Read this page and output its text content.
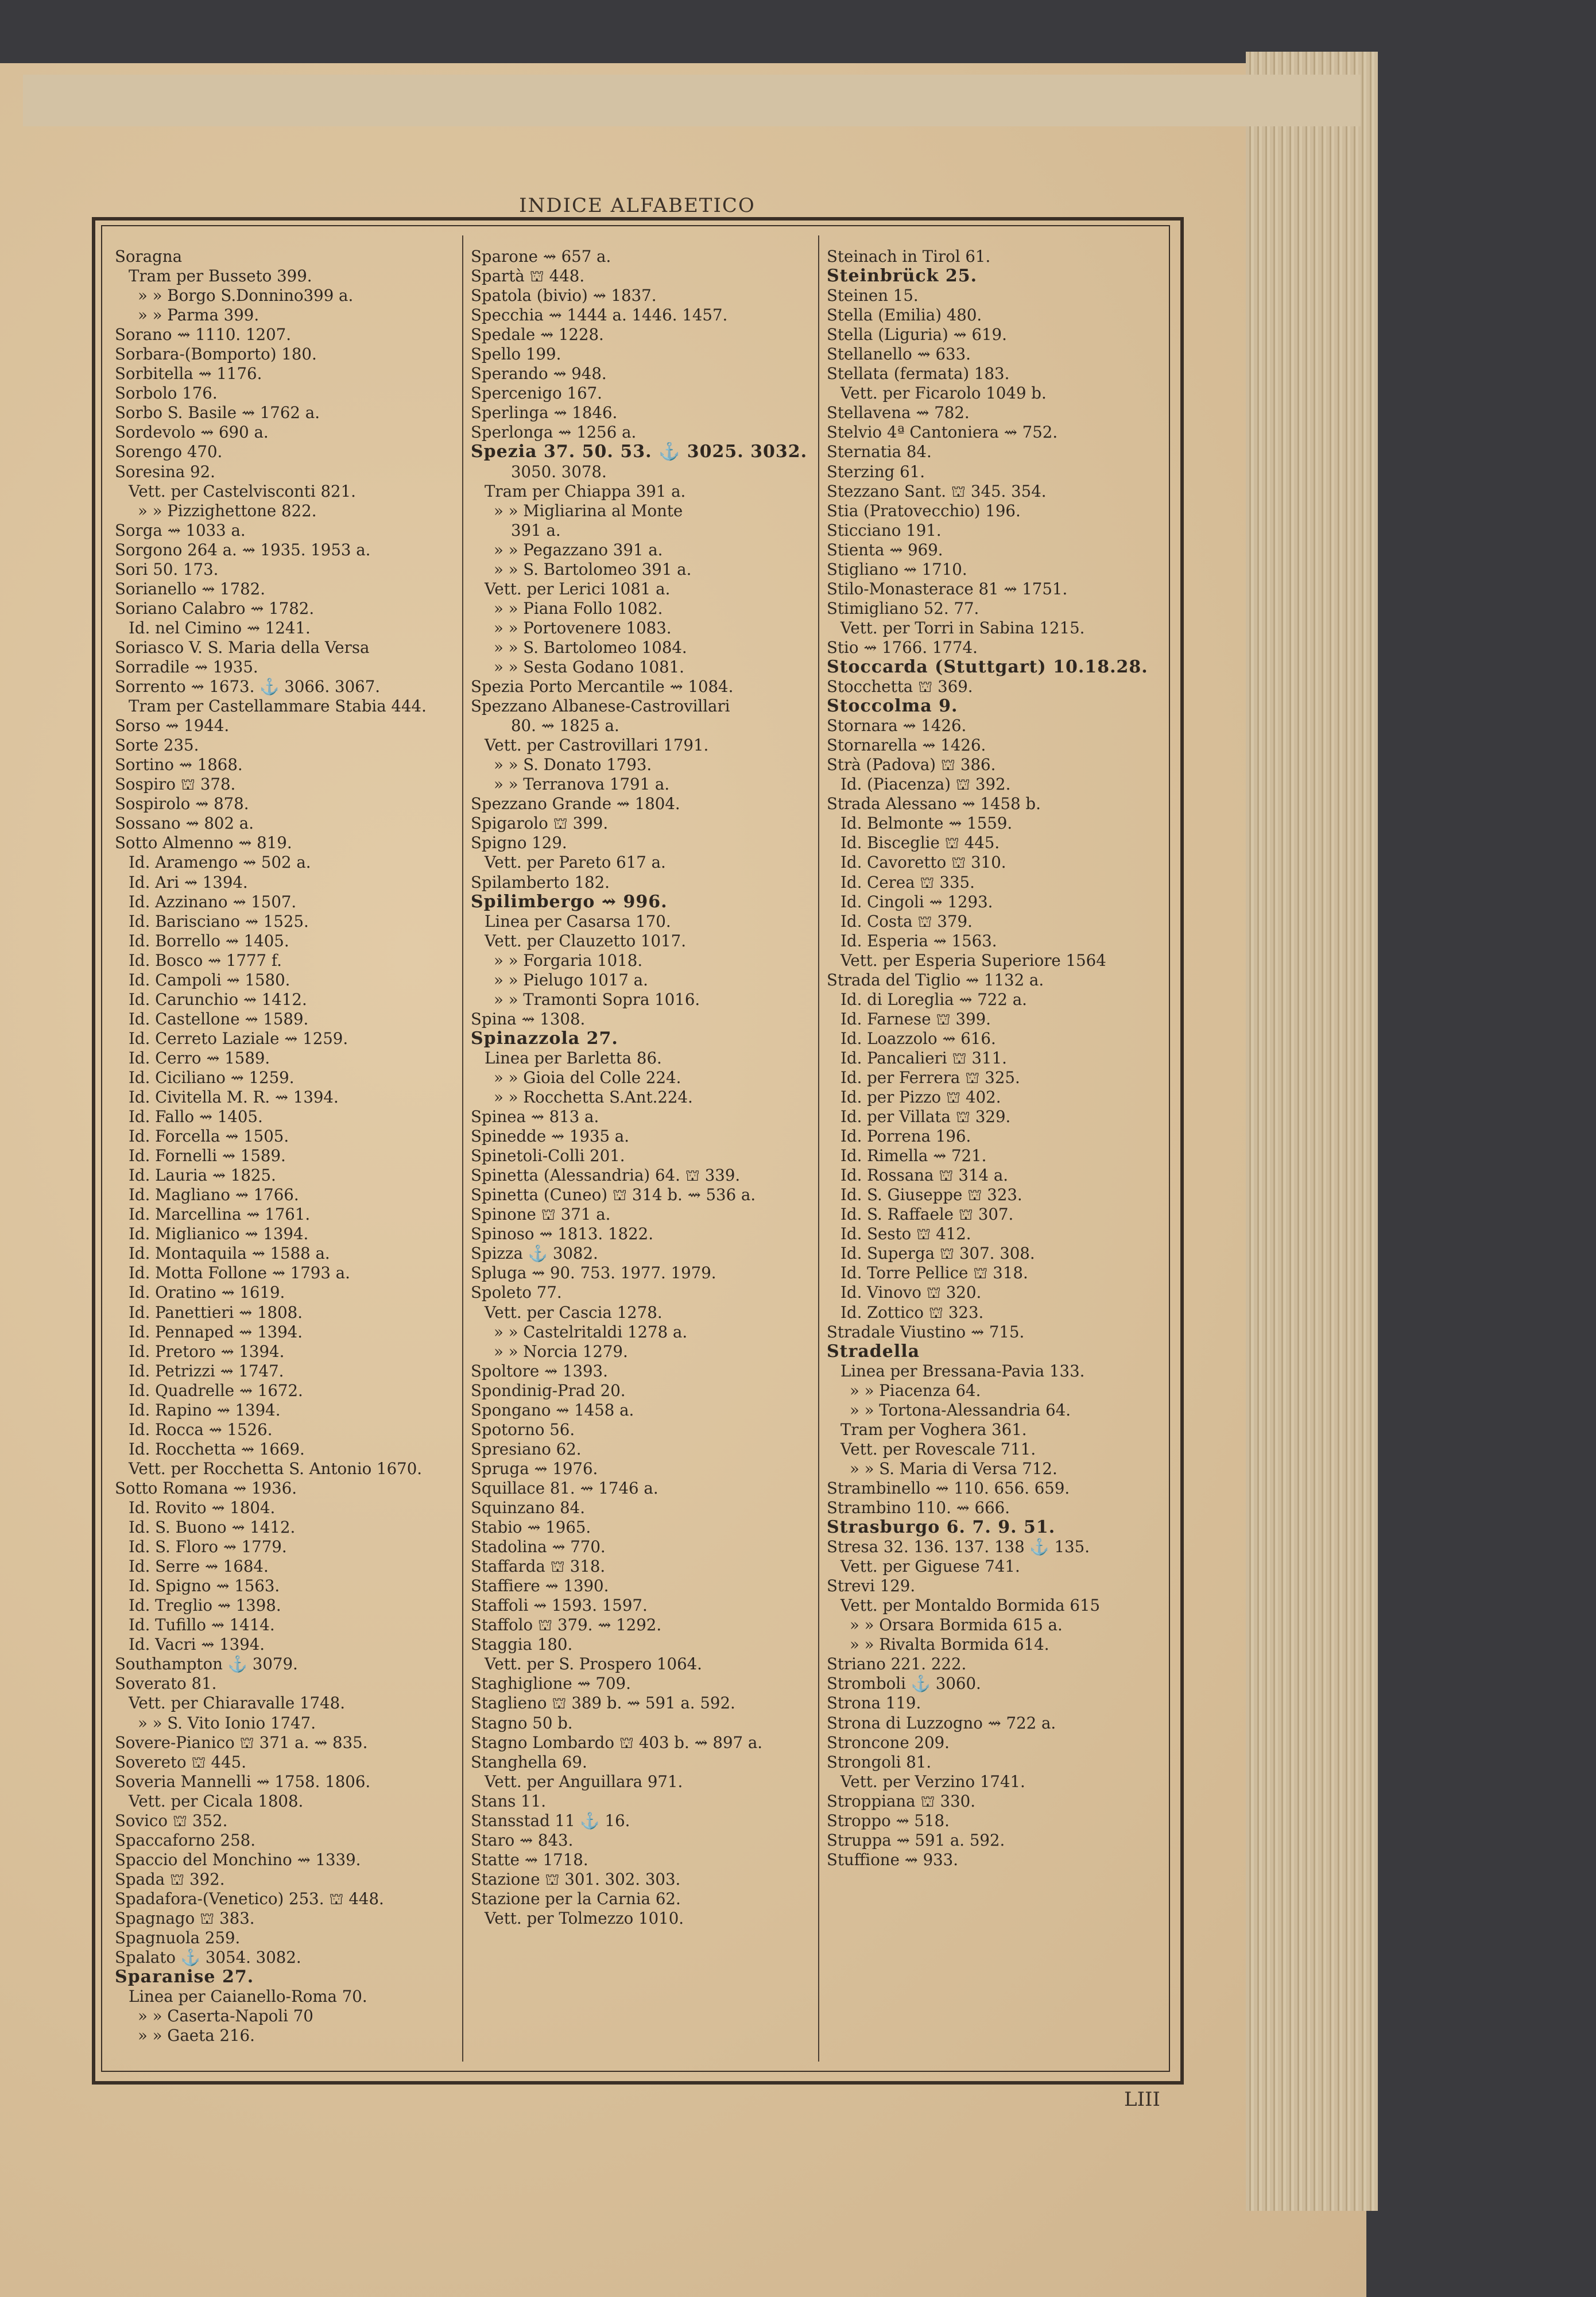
INDICE ALFABETICO
Soragna
Tram per Busseto 399.
» » Borgo S.Donnino399 a.
» » Parma 399.
Sorano ⇝ 1110. 1207.
Sorbara-(Bomporto) 180.
Sorbitella ⇝ 1176.
Sorbolo 176.
Sorbo S. Basile ⇝ 1762 a.
Sordevolo ⇝ 690 a.
Sorengo 470.
Soresina 92.
Vett. per Castelvisconti 821.
» » Pizzighettone 822.
Sorga ⇝ 1033 a.
Sorgono 264 a. ⇝ 1935. 1953 a.
Sori 50. 173.
Sorianello ⇝ 1782.
Soriano Calabro ⇝ 1782.
Id. nel Cimino ⇝ 1241.
Soriasco V. S. Maria della Versa
Sorradile ⇝ 1935.
Sorrento ⇝ 1673. ⚓ 3066. 3067.
Tram per Castellammare Stabia 444.
Sorso ⇝ 1944.
Sorte 235.
Sortino ⇝ 1868.
Sospiro ⛫ 378.
Sospirolo ⇝ 878.
Sossano ⇝ 802 a.
Sotto Almenno ⇝ 819.
Id. Aramengo ⇝ 502 a.
Id. Ari ⇝ 1394.
Id. Azzinano ⇝ 1507.
Id. Barisciano ⇝ 1525.
Id. Borrello ⇝ 1405.
Id. Bosco ⇝ 1777 f.
Id. Campoli ⇝ 1580.
Id. Carunchio ⇝ 1412.
Id. Castellone ⇝ 1589.
Id. Cerreto Laziale ⇝ 1259.
Id. Cerro ⇝ 1589.
Id. Ciciliano ⇝ 1259.
Id. Civitella M. R. ⇝ 1394.
Id. Fallo ⇝ 1405.
Id. Forcella ⇝ 1505.
Id. Fornelli ⇝ 1589.
Id. Lauria ⇝ 1825.
Id. Magliano ⇝ 1766.
Id. Marcellina ⇝ 1761.
Id. Miglianico ⇝ 1394.
Id. Montaquila ⇝ 1588 a.
Id. Motta Follone ⇝ 1793 a.
Id. Oratino ⇝ 1619.
Id. Panettieri ⇝ 1808.
Id. Pennaped ⇝ 1394.
Id. Pretoro ⇝ 1394.
Id. Petrizzi ⇝ 1747.
Id. Quadrelle ⇝ 1672.
Id. Rapino ⇝ 1394.
Id. Rocca ⇝ 1526.
Id. Rocchetta ⇝ 1669.
Vett. per Rocchetta S. Antonio 1670.
Sotto Romana ⇝ 1936.
Id. Rovito ⇝ 1804.
Id. S. Buono ⇝ 1412.
Id. S. Floro ⇝ 1779.
Id. Serre ⇝ 1684.
Id. Spigno ⇝ 1563.
Id. Treglio ⇝ 1398.
Id. Tufillo ⇝ 1414.
Id. Vacri ⇝ 1394.
Southampton ⚓ 3079.
Soverato 81.
Vett. per Chiaravalle 1748.
» » S. Vito Ionio 1747.
Sovere-Pianico ⛫ 371 a. ⇝ 835.
Sovereto ⛫ 445.
Soveria Mannelli ⇝ 1758. 1806.
Vett. per Cicala 1808.
Sovico ⛫ 352.
Spaccaforno 258.
Spaccio del Monchino ⇝ 1339.
Spada ⛫ 392.
Spadafora-(Venetico) 253. ⛫ 448.
Spagnago ⛫ 383.
Spagnuola 259.
Spalato ⚓ 3054. 3082.
Sparanise 27.
Linea per Caianello-Roma 70.
» » Caserta-Napoli 70
» » Gaeta 216.
Sparone ⇝ 657 a.
Spartà ⛫ 448.
Spatola (bivio) ⇝ 1837.
Specchia ⇝ 1444 a. 1446. 1457.
Spedale ⇝ 1228.
Spello 199.
Sperando ⇝ 948.
Spercenigo 167.
Sperlinga ⇝ 1846.
Sperlonga ⇝ 1256 a.
Spezia 37. 50. 53. ⚓ 3025. 3032.
3050. 3078.
Tram per Chiappa 391 a.
» » Migliarina al Monte
391 a.
» » Pegazzano 391 a.
» » S. Bartolomeo 391 a.
Vett. per Lerici 1081 a.
» » Piana Follo 1082.
» » Portovenere 1083.
» » S. Bartolomeo 1084.
» » Sesta Godano 1081.
Spezia Porto Mercantile ⇝ 1084.
Spezzano Albanese-Castrovillari
80. ⇝ 1825 a.
Vett. per Castrovillari 1791.
» » S. Donato 1793.
» » Terranova 1791 a.
Spezzano Grande ⇝ 1804.
Spigarolo ⛫ 399.
Spigno 129.
Vett. per Pareto 617 a.
Spilamberto 182.
Spilimbergo ⇝ 996.
Linea per Casarsa 170.
Vett. per Clauzetto 1017.
» » Forgaria 1018.
» » Pielugo 1017 a.
» » Tramonti Sopra 1016.
Spina ⇝ 1308.
Spinazzola 27.
Linea per Barletta 86.
» » Gioia del Colle 224.
» » Rocchetta S.Ant.224.
Spinea ⇝ 813 a.
Spinedde ⇝ 1935 a.
Spinetoli-Colli 201.
Spinetta (Alessandria) 64. ⛫ 339.
Spinetta (Cuneo) ⛫ 314 b. ⇝ 536 a.
Spinone ⛫ 371 a.
Spinoso ⇝ 1813. 1822.
Spizza ⚓ 3082.
Spluga ⇝ 90. 753. 1977. 1979.
Spoleto 77.
Vett. per Cascia 1278.
» » Castelritaldi 1278 a.
» » Norcia 1279.
Spoltore ⇝ 1393.
Spondinig-Prad 20.
Spongano ⇝ 1458 a.
Spotorno 56.
Spresiano 62.
Spruga ⇝ 1976.
Squillace 81. ⇝ 1746 a.
Squinzano 84.
Stabio ⇝ 1965.
Stadolina ⇝ 770.
Staffarda ⛫ 318.
Staffiere ⇝ 1390.
Staffoli ⇝ 1593. 1597.
Staffolo ⛫ 379. ⇝ 1292.
Staggia 180.
Vett. per S. Prospero 1064.
Staghiglione ⇝ 709.
Staglieno ⛫ 389 b. ⇝ 591 a. 592.
Stagno 50 b.
Stagno Lombardo ⛫ 403 b. ⇝ 897 a.
Stanghella 69.
Vett. per Anguillara 971.
Stans 11.
Stansstad 11 ⚓ 16.
Staro ⇝ 843.
Statte ⇝ 1718.
Stazione ⛫ 301. 302. 303.
Stazione per la Carnia 62.
Vett. per Tolmezzo 1010.
Steinach in Tirol 61.
Steinbrück 25.
Steinen 15.
Stella (Emilia) 480.
Stella (Liguria) ⇝ 619.
Stellanello ⇝ 633.
Stellata (fermata) 183.
Vett. per Ficarolo 1049 b.
Stellavena ⇝ 782.
Stelvio 4ª Cantoniera ⇝ 752.
Sternatia 84.
Sterzing 61.
Stezzano Sant. ⛫ 345. 354.
Stia (Pratovecchio) 196.
Sticciano 191.
Stienta ⇝ 969.
Stigliano ⇝ 1710.
Stilo-Monasterace 81 ⇝ 1751.
Stimigliano 52. 77.
Vett. per Torri in Sabina 1215.
Stio ⇝ 1766. 1774.
Stoccarda (Stuttgart) 10.18.28.
Stocchetta ⛫ 369.
Stoccolma 9.
Stornara ⇝ 1426.
Stornarella ⇝ 1426.
Strà (Padova) ⛫ 386.
Id. (Piacenza) ⛫ 392.
Strada Alessano ⇝ 1458 b.
Id. Belmonte ⇝ 1559.
Id. Bisceglie ⛫ 445.
Id. Cavoretto ⛫ 310.
Id. Cerea ⛫ 335.
Id. Cingoli ⇝ 1293.
Id. Costa ⛫ 379.
Id. Esperia ⇝ 1563.
Vett. per Esperia Superiore 1564
Strada del Tiglio ⇝ 1132 a.
Id. di Loreglia ⇝ 722 a.
Id. Farnese ⛫ 399.
Id. Loazzolo ⇝ 616.
Id. Pancalieri ⛫ 311.
Id. per Ferrera ⛫ 325.
Id. per Pizzo ⛫ 402.
Id. per Villata ⛫ 329.
Id. Porrena 196.
Id. Rimella ⇝ 721.
Id. Rossana ⛫ 314 a.
Id. S. Giuseppe ⛫ 323.
Id. S. Raffaele ⛫ 307.
Id. Sesto ⛫ 412.
Id. Superga ⛫ 307. 308.
Id. Torre Pellice ⛫ 318.
Id. Vinovo ⛫ 320.
Id. Zottico ⛫ 323.
Stradale Viustino ⇝ 715.
Stradella
Linea per Bressana-Pavia 133.
» » Piacenza 64.
» » Tortona-Alessandria 64.
Tram per Voghera 361.
Vett. per Rovescale 711.
» » S. Maria di Versa 712.
Strambinello ⇝ 110. 656. 659.
Strambino 110. ⇝ 666.
Strasburgo 6. 7. 9. 51.
Stresa 32. 136. 137. 138 ⚓ 135.
Vett. per Giguese 741.
Strevi 129.
Vett. per Montaldo Bormida 615
» » Orsara Bormida 615 a.
» » Rivalta Bormida 614.
Striano 221. 222.
Stromboli ⚓ 3060.
Strona 119.
Strona di Luzzogno ⇝ 722 a.
Stroncone 209.
Strongoli 81.
Vett. per Verzino 1741.
Stroppiana ⛫ 330.
Stroppo ⇝ 518.
Struppa ⇝ 591 a. 592.
Stuffione ⇝ 933.
LIII
